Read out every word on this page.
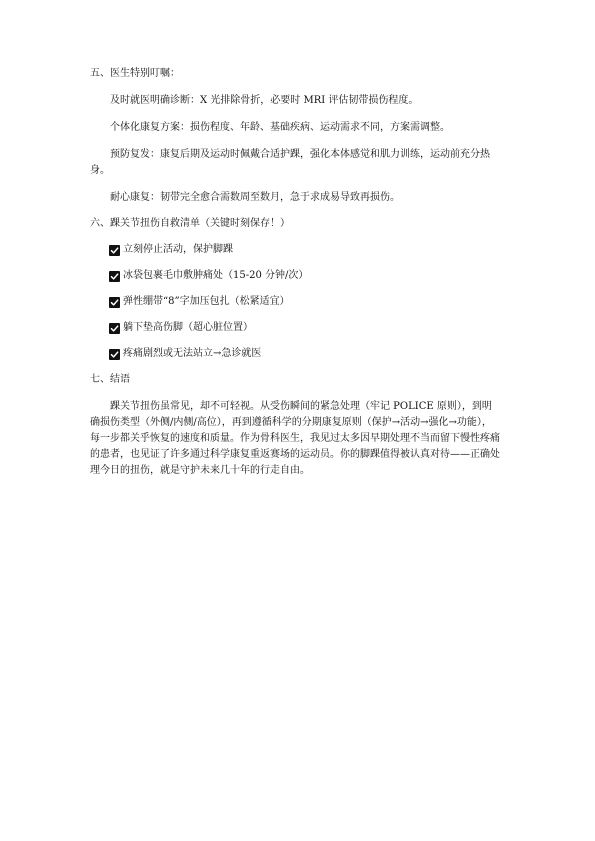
五、医生特别叮嘱：

及时就医明确诊断：X 光排除骨折，必要时 MRI 评估韧带损伤程度。

个体化康复方案：损伤程度、年龄、基础疾病、运动需求不同，方案需调整。

预防复发：康复后期及运动时佩戴合适护踝，强化本体感觉和肌力训练，运动前充分热身。

耐心康复：韧带完全愈合需数周至数月，急于求成易导致再损伤。

六、踝关节扭伤自救清单（关键时刻保存！）

立刻停止活动，保护脚踝
冰袋包裹毛巾敷肿痛处（15-20 分钟/次）
弹性绷带“8”字加压包扎（松紧适宜）
躺下垫高伤脚（超心脏位置）
疼痛剧烈或无法站立→急诊就医

七、结语

踝关节扭伤虽常见，却不可轻视。从受伤瞬间的紧急处理（牢记 POLICE 原则），到明确损伤类型（外侧/内侧/高位），再到遵循科学的分期康复原则（保护→活动→强化→功能），每一步都关乎恢复的速度和质量。作为骨科医生，我见过太多因早期处理不当而留下慢性疼痛的患者，也见证了许多通过科学康复重返赛场的运动员。你的脚踝值得被认真对待——正确处理今日的扭伤，就是守护未来几十年的行走自由。
